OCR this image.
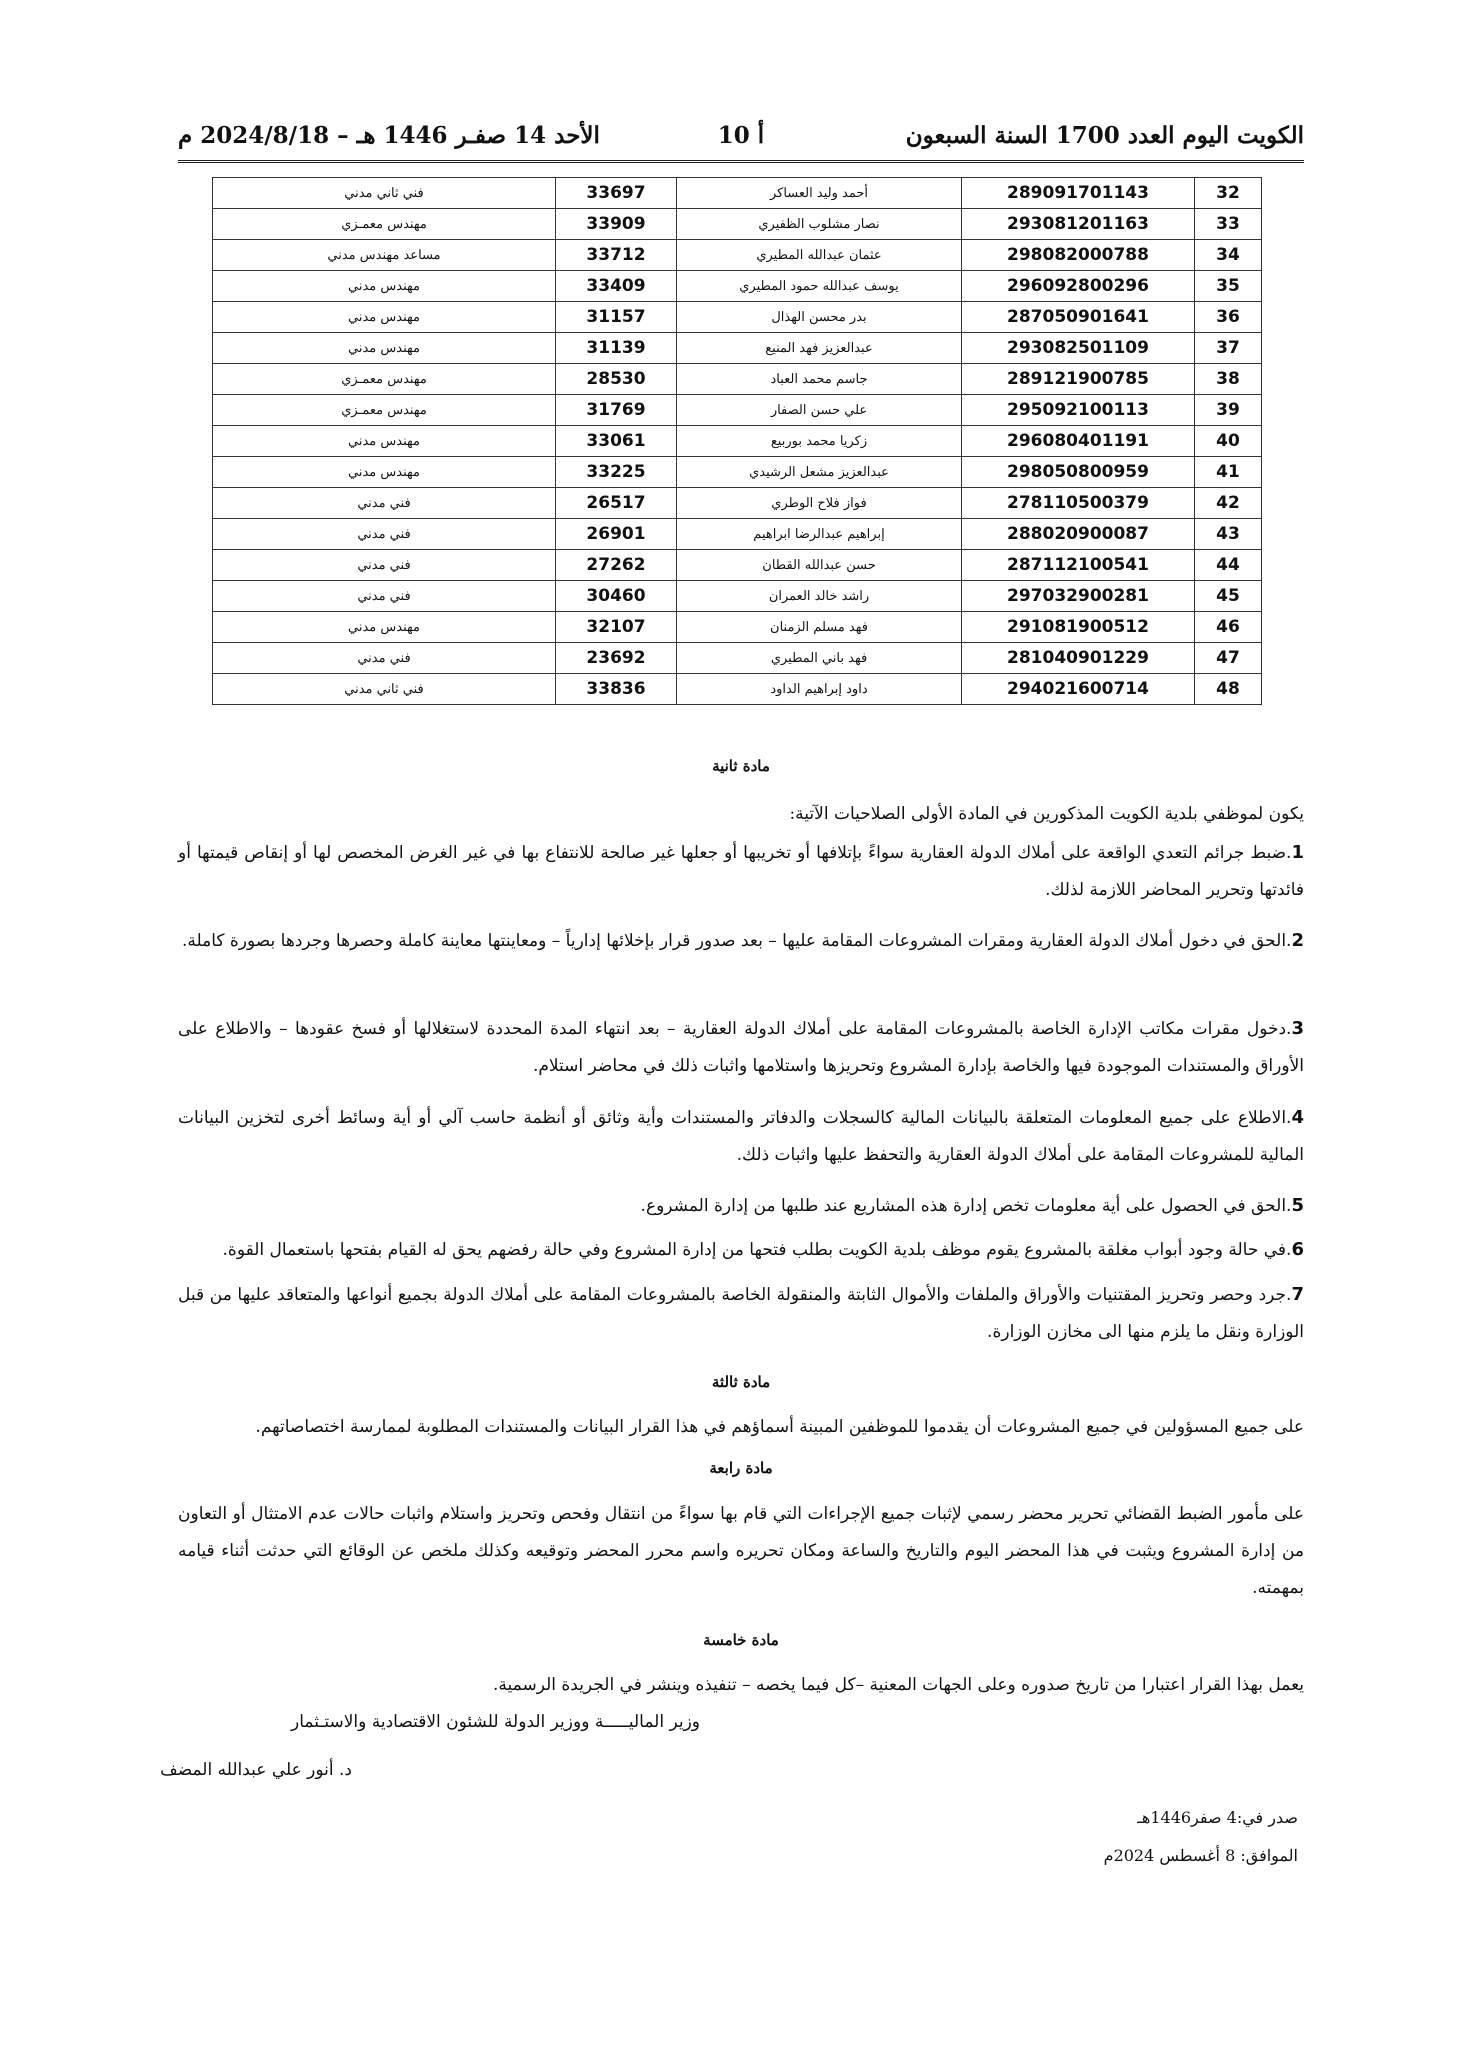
الكويت اليوم العدد 1700 السنة السبعون
أ 10
الأحد 14 صفـر 1446 هـ – 2024/8/18 م
32	289091701143	أحمد وليد العساكر	33697	فني ثاني مدني
33	293081201163	نصار مشلوب الظفيري	33909	مهندس معمـزي
34	298082000788	عثمان عبدالله المطيري	33712	مساعد مهندس مدني
35	296092800296	يوسف عبدالله حمود المطيري	33409	مهندس مدني
36	287050901641	بدر محسن الهذال	31157	مهندس مدني
37	293082501109	عبدالعزيز فهد المنيع	31139	مهندس مدني
38	289121900785	جاسم محمد العباد	28530	مهندس معمـزي
39	295092100113	علي حسن الصفار	31769	مهندس معمـزي
40	296080401191	زكريا محمد بوربيع	33061	مهندس مدني
41	298050800959	عبدالعزيز مشعل الرشيدي	33225	مهندس مدني
42	278110500379	فواز فلاح الوطري	26517	فني مدني
43	288020900087	إبراهيم عبدالرضا ابراهيم	26901	فني مدني
44	287112100541	حسن عبدالله القطان	27262	فني مدني
45	297032900281	راشد خالد العمران	30460	فني مدني
46	291081900512	فهد مسلم الزمنان	32107	مهندس مدني
47	281040901229	فهد باني المطيري	23692	فني مدني
48	294021600714	داود إبراهيم الداود	33836	فني ثاني مدني
مادة ثانية
يكون لموظفي بلدية الكويت المذكورين في المادة الأولى الصلاحيات الآتية:
1.ضبط جرائم التعدي الواقعة على أملاك الدولة العقارية سواءً بإتلافها أو تخريبها أو جعلها غير صالحة للانتفاع بها في غير الغرض المخصص لها أو إنقاص قيمتها أو فائدتها وتحرير المحاضر اللازمة لذلك.
2.الحق في دخول أملاك الدولة العقارية ومقرات المشروعات المقامة عليها – بعد صدور قرار بإخلائها إدارياً – ومعاينتها معاينة كاملة وحصرها وجردها بصورة كاملة.
3.دخول مقرات مكاتب الإدارة الخاصة بالمشروعات المقامة على أملاك الدولة العقارية – بعد انتهاء المدة المحددة لاستغلالها أو فسخ عقودها – والاطلاع على الأوراق والمستندات الموجودة فيها والخاصة بإدارة المشروع وتحريزها واستلامها واثبات ذلك في محاضر استلام.
4.الاطلاع على جميع المعلومات المتعلقة بالبيانات المالية كالسجلات والدفاتر والمستندات وأية وثائق أو أنظمة حاسب آلي أو أية وسائط أخرى لتخزين البيانات المالية للمشروعات المقامة على أملاك الدولة العقارية والتحفظ عليها واثبات ذلك.
5.الحق في الحصول على أية معلومات تخص إدارة هذه المشاريع عند طلبها من إدارة المشروع.
6.في حالة وجود أبواب مغلقة بالمشروع يقوم موظف بلدية الكويت بطلب فتحها من إدارة المشروع وفي حالة رفضهم يحق له القيام بفتحها باستعمال القوة.
7.جرد وحصر وتحريز المقتنيات والأوراق والملفات والأموال الثابتة والمنقولة الخاصة بالمشروعات المقامة على أملاك الدولة بجميع أنواعها والمتعاقد عليها من قبل الوزارة ونقل ما يلزم منها الى مخازن الوزارة.
مادة ثالثة
على جميع المسؤولين في جميع المشروعات أن يقدموا للموظفين المبينة أسماؤهم في هذا القرار البيانات والمستندات المطلوبة لممارسة اختصاصاتهم.
مادة رابعة
على مأمور الضبط القضائي تحرير محضر رسمي لإثبات جميع الإجراءات التي قام بها سواءً من انتقال وفحص وتحريز واستلام واثبات حالات عدم الامتثال أو التعاون من إدارة المشروع ويثبت في هذا المحضر اليوم والتاريخ والساعة ومكان تحريره واسم محرر المحضر وتوقيعه وكذلك ملخص عن الوقائع التي حدثت أثناء قيامه بمهمته.
مادة خامسة
يعمل بهذا القرار اعتبارا من تاريخ صدوره وعلى الجهات المعنية –كل فيما يخصه – تنفيذه وينشر في الجريدة الرسمية.
وزير الماليـــــة ووزير الدولة للشئون الاقتصادية والاستـثمار
د. أنور علي عبدالله المضف
صدر في:4 صفر1446هـ
الموافق: 8 أغسطس 2024م
